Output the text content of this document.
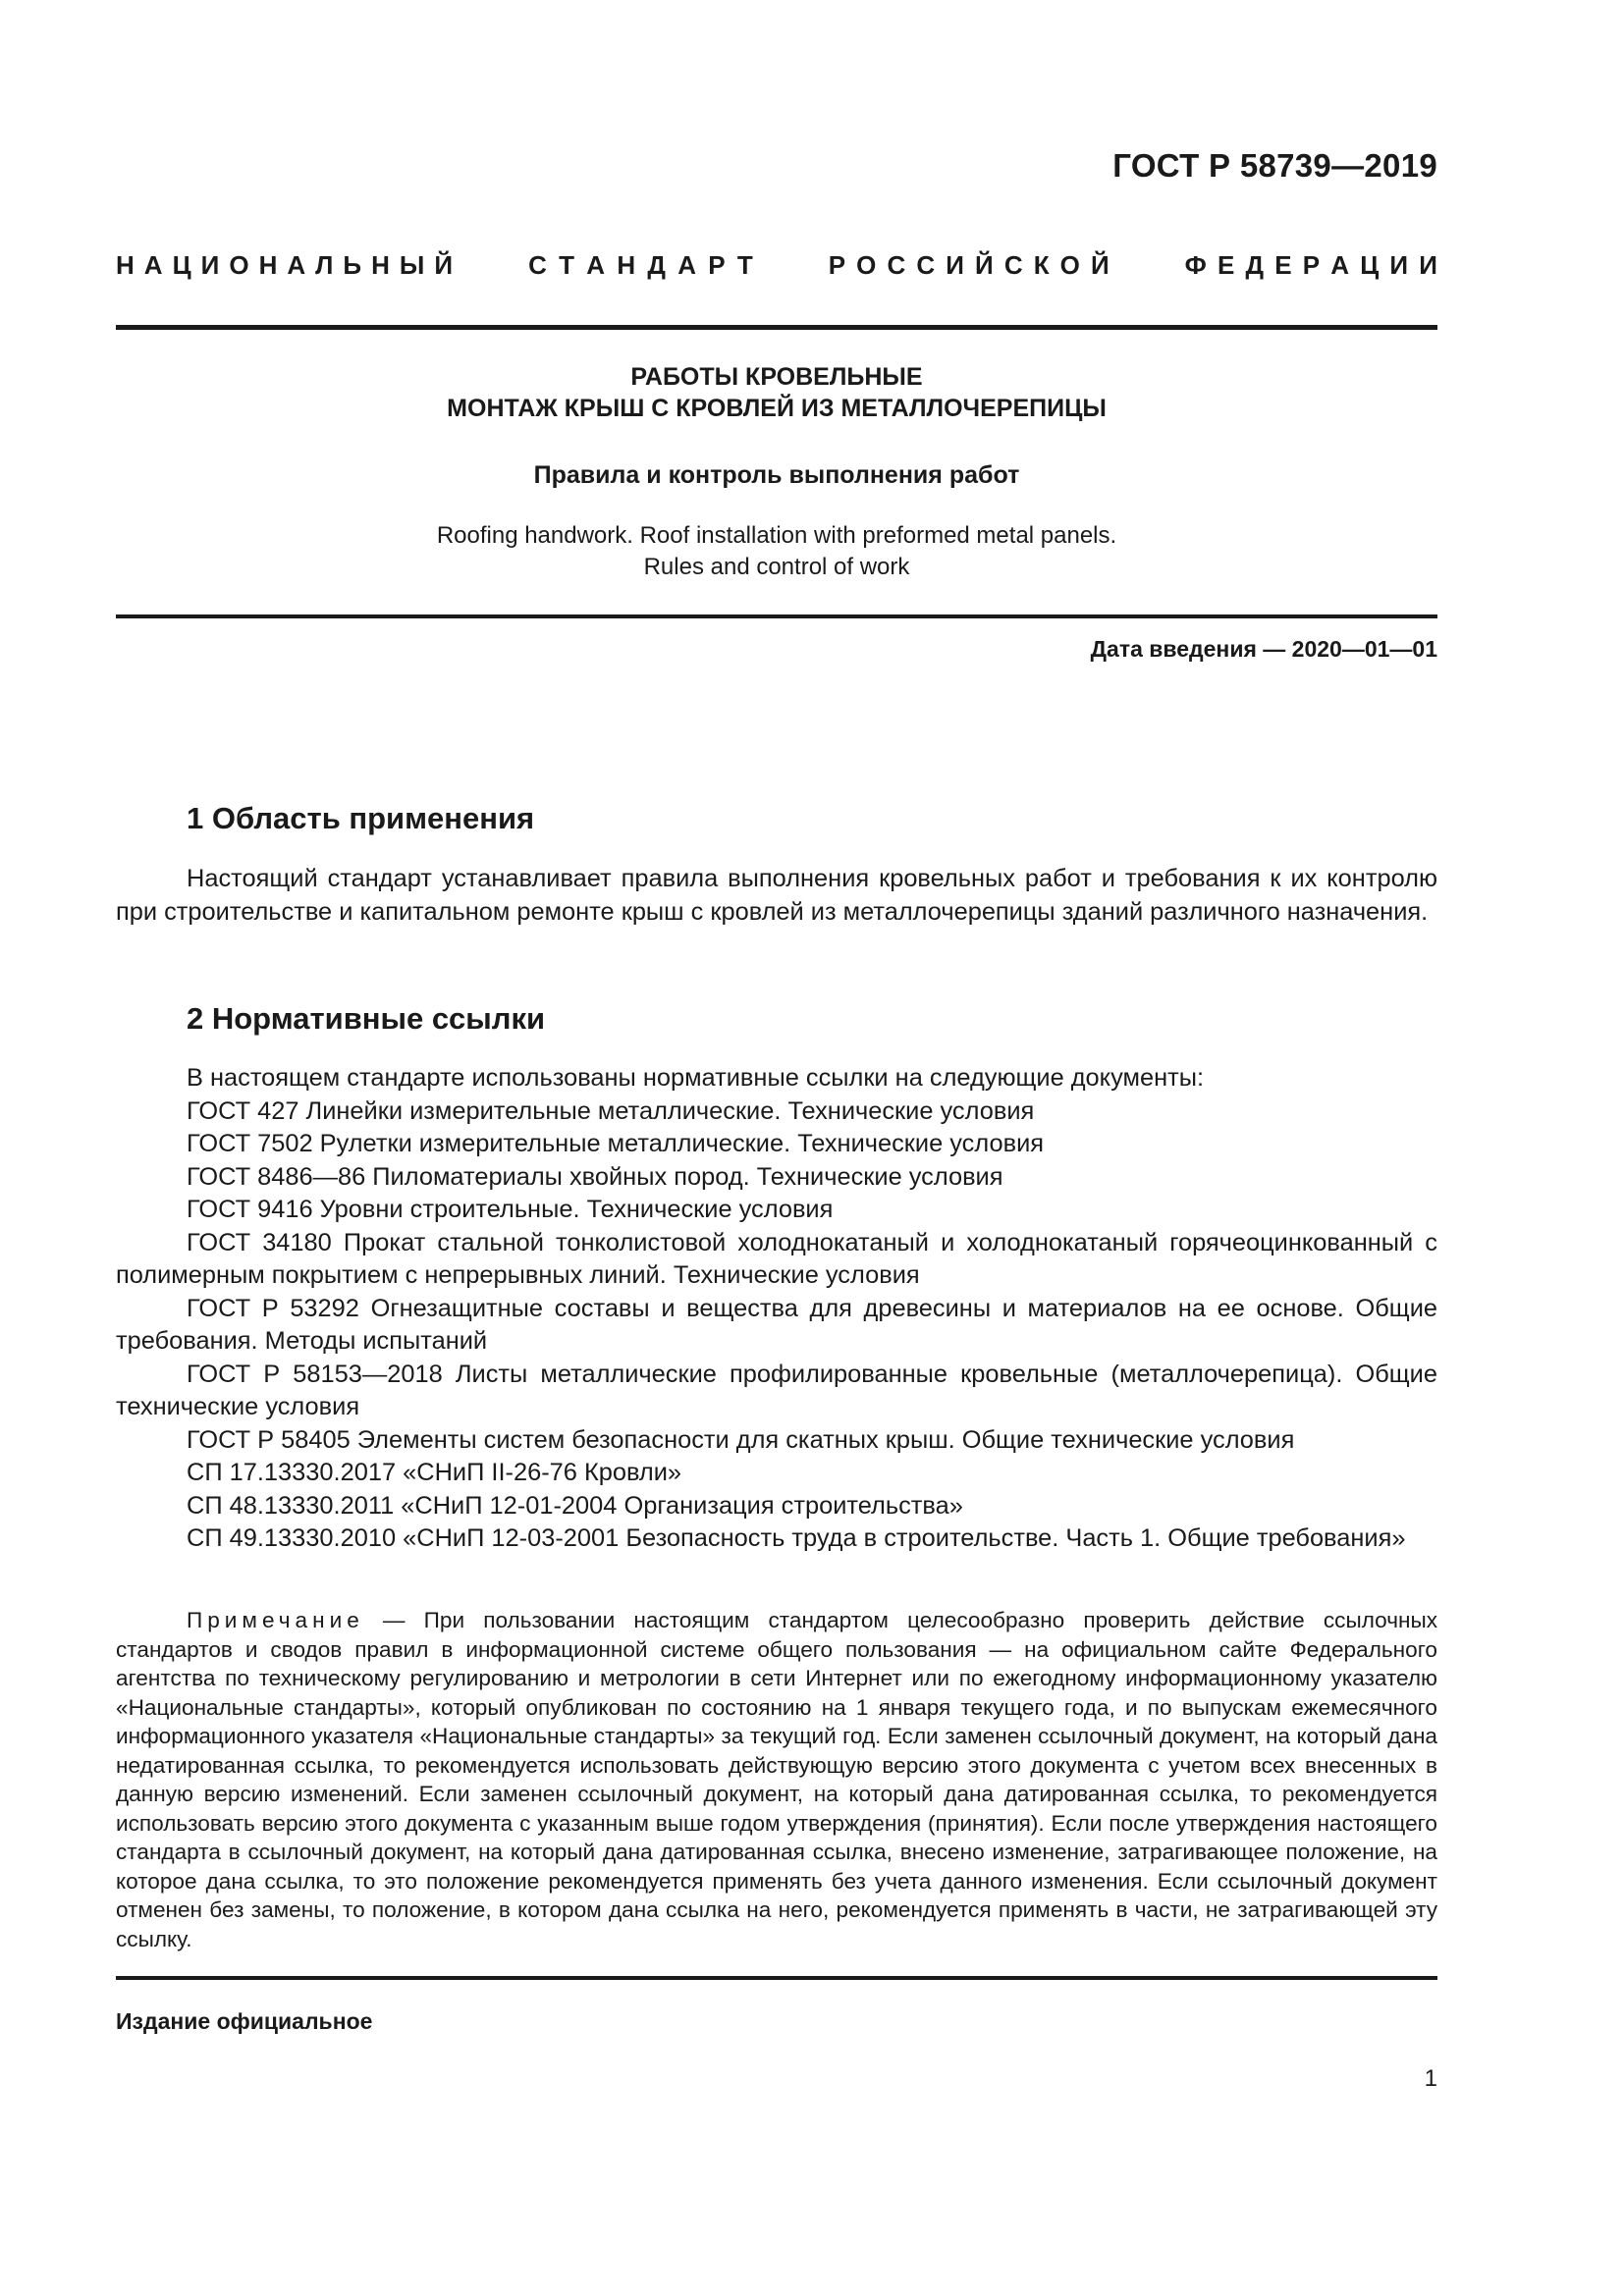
ГОСТ Р 58739—2019
Н А Ц И О Н А Л Ь Н Ы Й	С Т А Н Д А Р Т	Р О С С И Й С К О Й	Ф Е Д Е Р А Ц И И
РАБОТЫ КРОВЕЛЬНЫЕ
МОНТАЖ КРЫШ С КРОВЛЕЙ ИЗ МЕТАЛЛОЧЕРЕПИЦЫ
Правила и контроль выполнения работ
Roofing handwork. Roof installation with preformed metal panels.
Rules and control of work
Дата введения — 2020—01—01
1 Область применения
Настоящий стандарт устанавливает правила выполнения кровельных работ и требования к их контролю при строительстве и капитальном ремонте крыш с кровлей из металлочерепицы зданий различного назначения.
2 Нормативные ссылки
В настоящем стандарте использованы нормативные ссылки на следующие документы:
ГОСТ 427 Линейки измерительные металлические. Технические условия
ГОСТ 7502 Рулетки измерительные металлические. Технические условия
ГОСТ 8486—86 Пиломатериалы хвойных пород. Технические условия
ГОСТ 9416 Уровни строительные. Технические условия
ГОСТ 34180 Прокат стальной тонколистовой холоднокатаный и холоднокатаный горячеоцинкованный с полимерным покрытием с непрерывных линий. Технические условия
ГОСТ Р 53292 Огнезащитные составы и вещества для древесины и материалов на ее основе. Общие требования. Методы испытаний
ГОСТ Р 58153—2018 Листы металлические профилированные кровельные (металлочерепица). Общие технические условия
ГОСТ Р 58405 Элементы систем безопасности для скатных крыш. Общие технические условия
СП 17.13330.2017 «СНиП II-26-76 Кровли»
СП 48.13330.2011 «СНиП 12-01-2004 Организация строительства»
СП 49.13330.2010 «СНиП 12-03-2001 Безопасность труда в строительстве. Часть 1. Общие требования»
Примечание — При пользовании настоящим стандартом целесообразно проверить действие ссылочных стандартов и сводов правил в информационной системе общего пользования — на официальном сайте Федерального агентства по техническому регулированию и метрологии в сети Интернет или по ежегодному информационному указателю «Национальные стандарты», который опубликован по состоянию на 1 января текущего года, и по выпускам ежемесячного информационного указателя «Национальные стандарты» за текущий год. Если заменен ссылочный документ, на который дана недатированная ссылка, то рекомендуется использовать действующую версию этого документа с учетом всех внесенных в данную версию изменений. Если заменен ссылочный документ, на который дана датированная ссылка, то рекомендуется использовать версию этого документа с указанным выше годом утверждения (принятия). Если после утверждения настоящего стандарта в ссылочный документ, на который дана датированная ссылка, внесено изменение, затрагивающее положение, на которое дана ссылка, то это положение рекомендуется применять без учета данного изменения. Если ссылочный документ отменен без замены, то положение, в котором дана ссылка на него, рекомендуется применять в части, не затрагивающей эту ссылку.
Издание официальное
1
